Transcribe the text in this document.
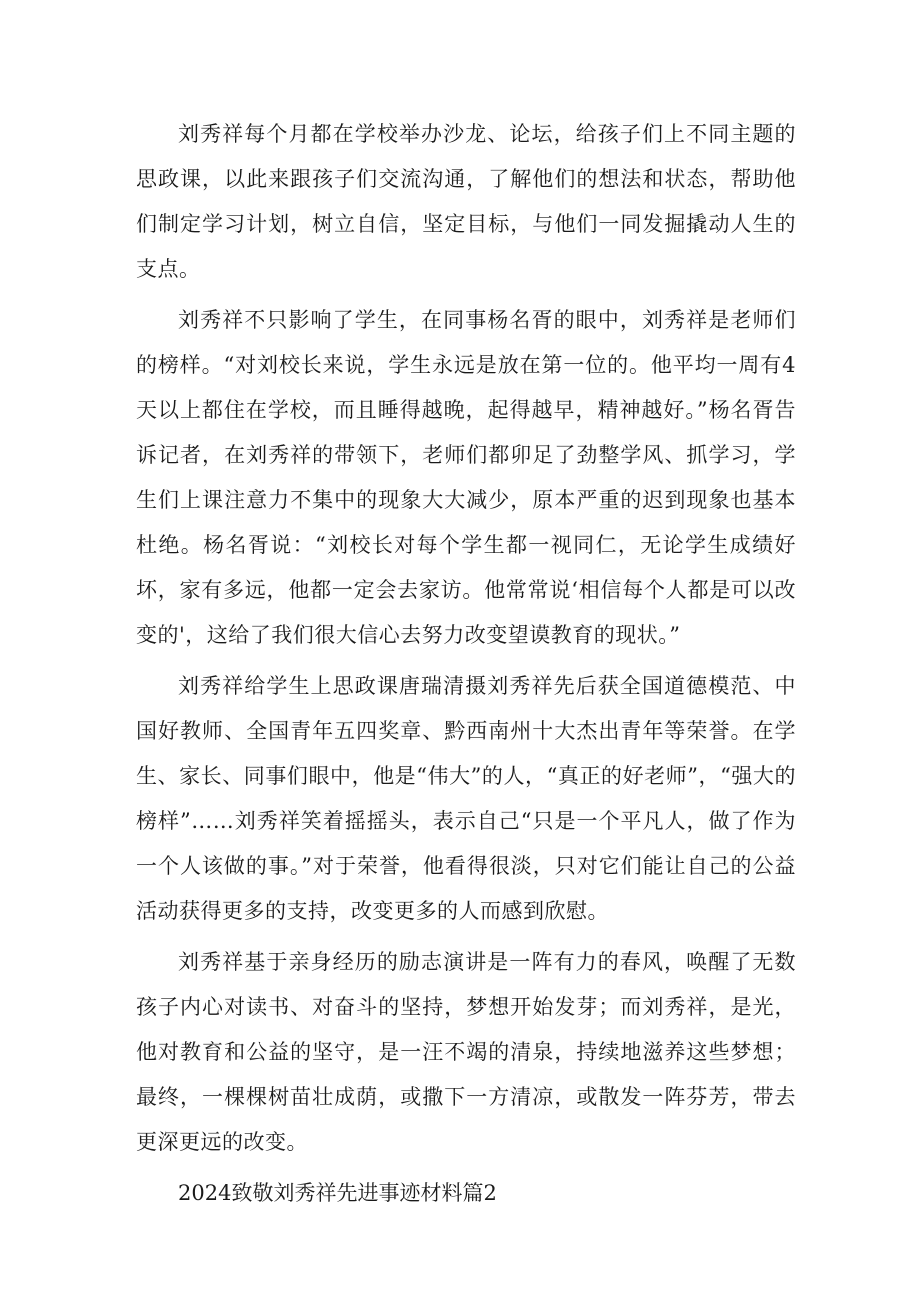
刘秀祥每个月都在学校举办沙龙、论坛，给孩子们上不同主题的思政课，以此来跟孩子们交流沟通，了解他们的想法和状态，帮助他们制定学习计划，树立自信，坚定目标，与他们一同发掘撬动人生的支点。

刘秀祥不只影响了学生，在同事杨名胥的眼中，刘秀祥是老师们的榜样。“对刘校长来说，学生永远是放在第一位的。他平均一周有4天以上都住在学校，而且睡得越晚，起得越早，精神越好。”杨名胥告诉记者，在刘秀祥的带领下，老师们都卯足了劲整学风、抓学习，学生们上课注意力不集中的现象大大减少，原本严重的迟到现象也基本杜绝。杨名胥说：“刘校长对每个学生都一视同仁，无论学生成绩好坏，家有多远，他都一定会去家访。他常常说‘相信每个人都是可以改变的'，这给了我们很大信心去努力改变望谟教育的现状。”

刘秀祥给学生上思政课唐瑞清摄刘秀祥先后获全国道德模范、中国好教师、全国青年五四奖章、黔西南州十大杰出青年等荣誉。在学生、家长、同事们眼中，他是“伟大”的人，“真正的好老师”，“强大的榜样”……刘秀祥笑着摇摇头，表示自己“只是一个平凡人，做了作为一个人该做的事。”对于荣誉，他看得很淡，只对它们能让自己的公益活动获得更多的支持，改变更多的人而感到欣慰。

刘秀祥基于亲身经历的励志演讲是一阵有力的春风，唤醒了无数孩子内心对读书、对奋斗的坚持，梦想开始发芽；而刘秀祥，是光，他对教育和公益的坚守，是一汪不竭的清泉，持续地滋养这些梦想；最终，一棵棵树苗壮成荫，或撒下一方清凉，或散发一阵芬芳，带去更深更远的改变。

2024致敬刘秀祥先进事迹材料篇2
